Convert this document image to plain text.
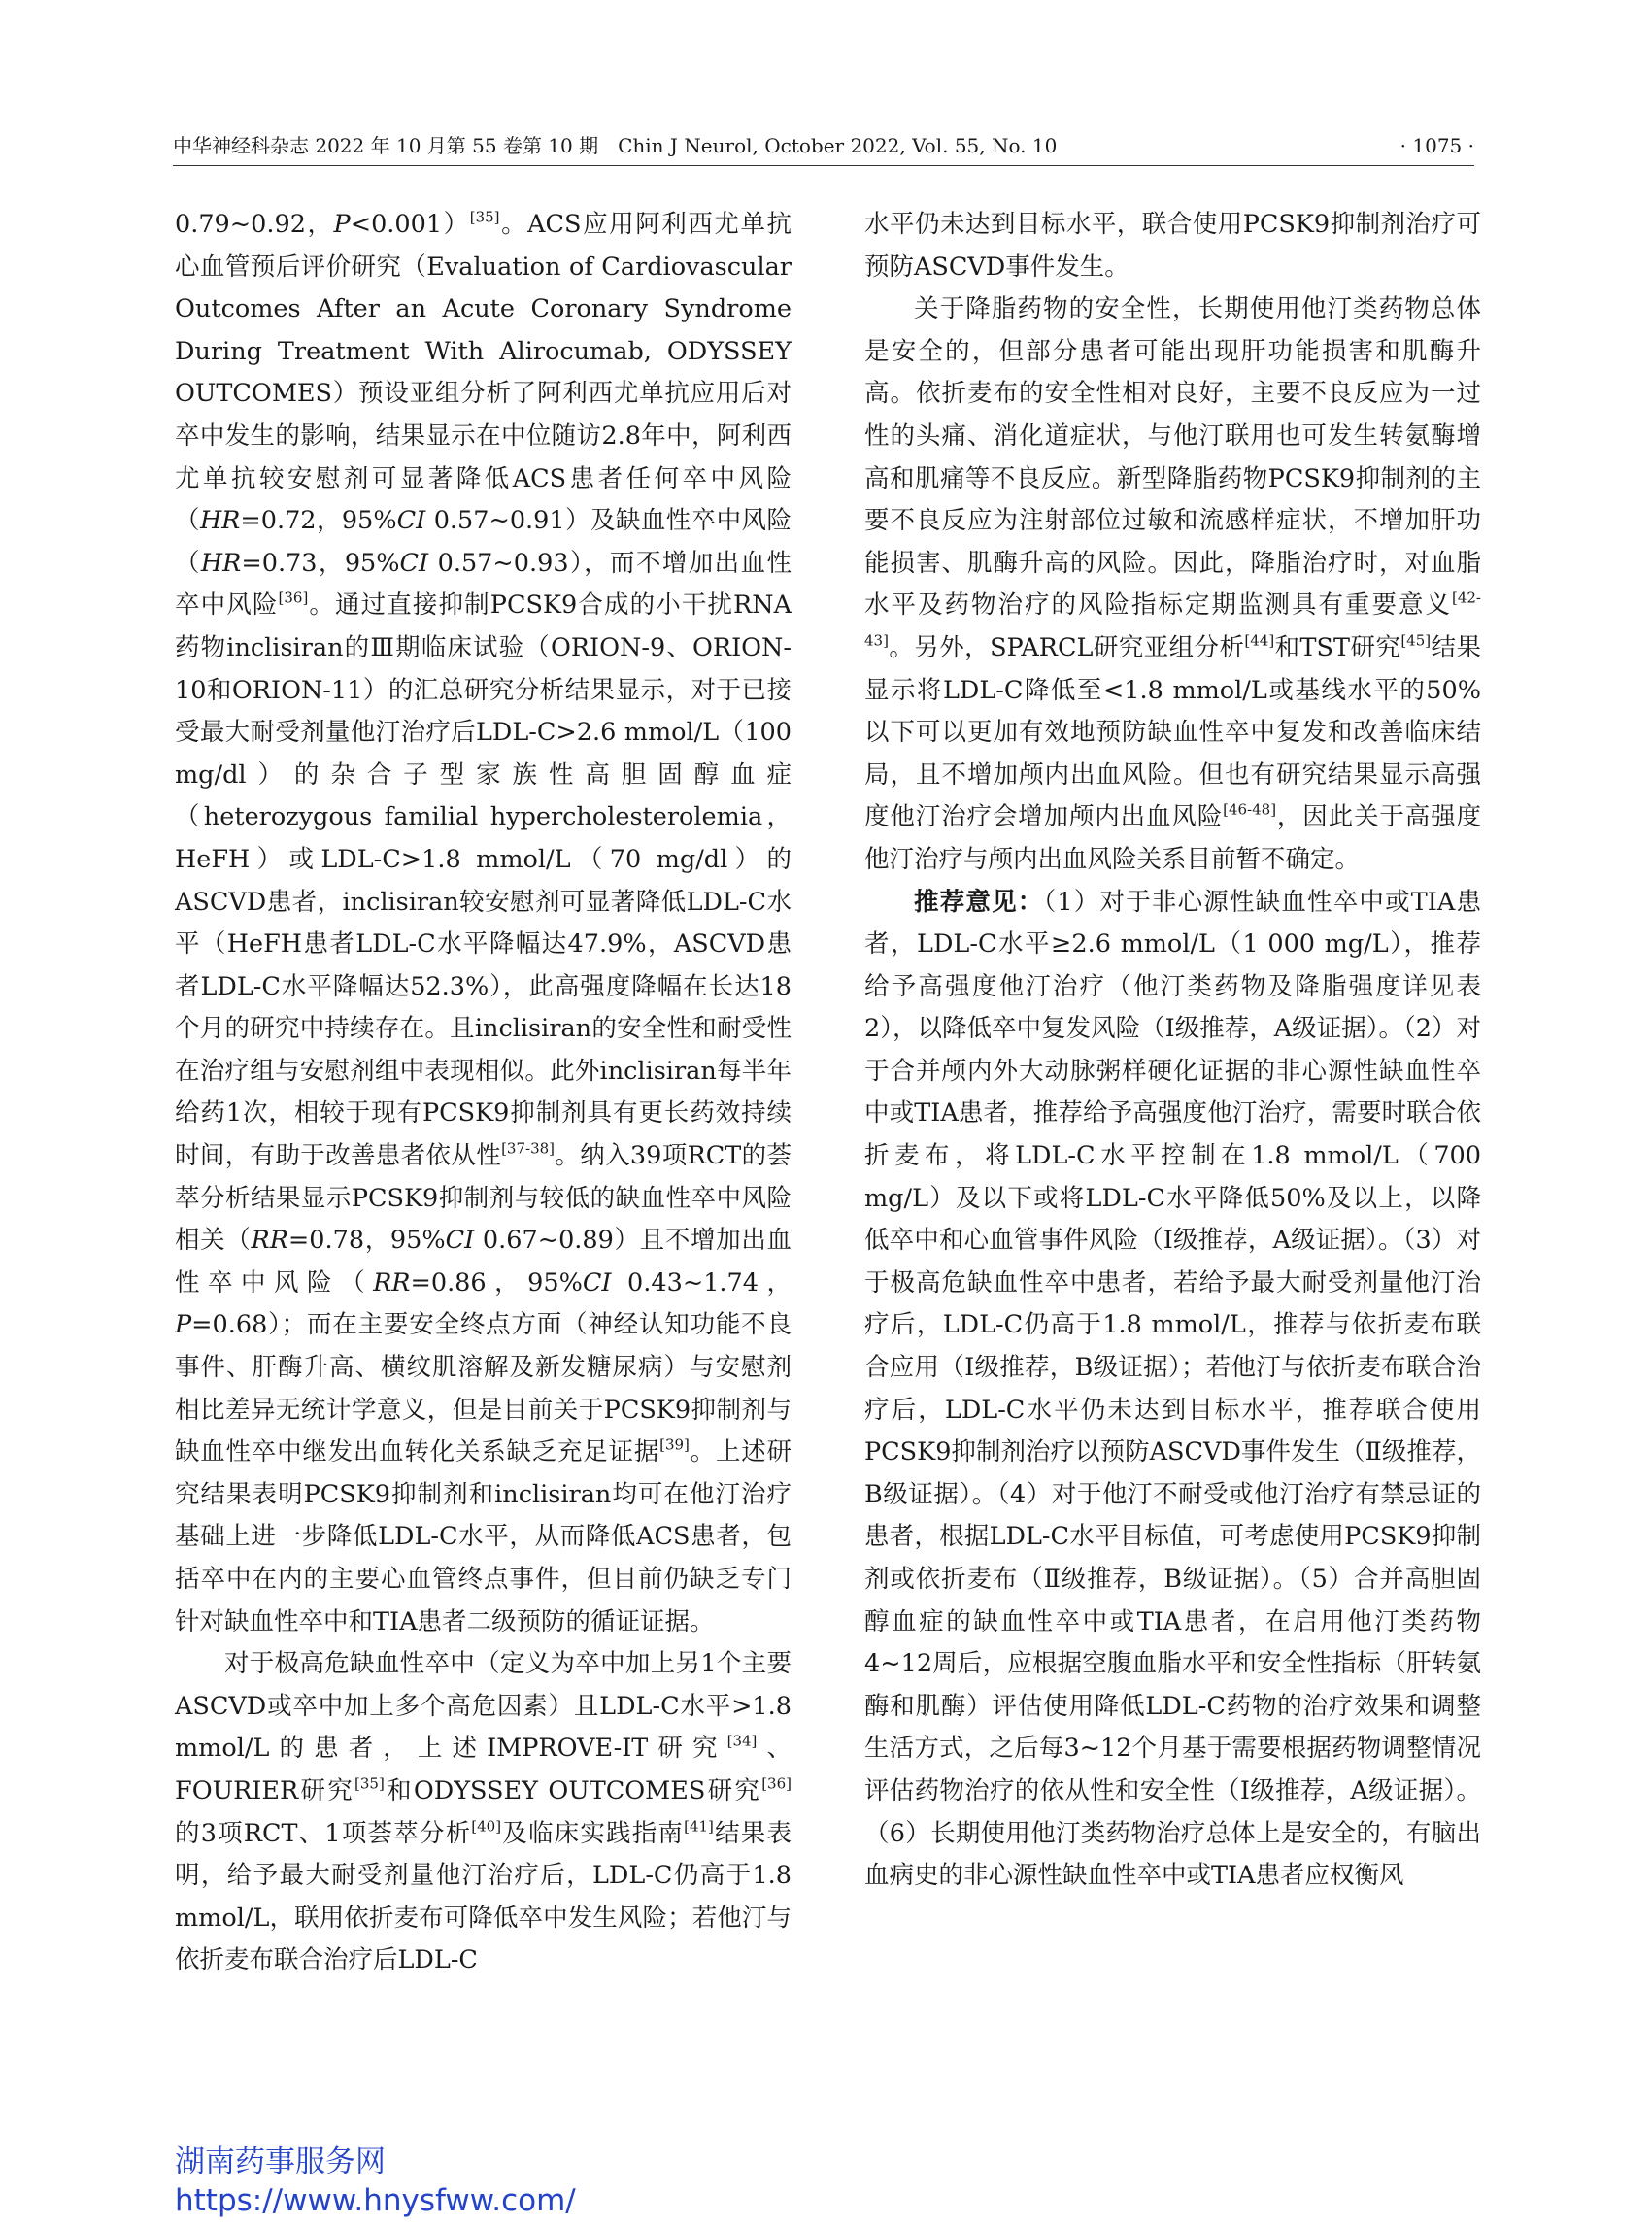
中华神经科杂志 2022 年 10 月第 55 卷第 10 期　Chin J Neurol, October 2022, Vol. 55, No. 10	· 1075 ·

0.79~0.92，P<0.001）[35]。ACS应用阿利西尤单抗心血管预后评价研究（Evaluation of Cardiovascular Outcomes After an Acute Coronary Syndrome During Treatment With Alirocumab, ODYSSEY OUTCOMES）预设亚组分析了阿利西尤单抗应用后对卒中发生的影响，结果显示在中位随访2.8年中，阿利西尤单抗较安慰剂可显著降低ACS患者任何卒中风险（HR=0.72，95%CI 0.57~0.91）及缺血性卒中风险（HR=0.73，95%CI 0.57~0.93），而不增加出血性卒中风险[36]。通过直接抑制PCSK9合成的小干扰RNA药物inclisiran的Ⅲ期临床试验（ORION-9、ORION-10和ORION-11）的汇总研究分析结果显示，对于已接受最大耐受剂量他汀治疗后LDL-C>2.6 mmol/L（100 mg/dl）的杂合子型家族性高胆固醇血症（heterozygous familial hypercholesterolemia，HeFH）或LDL-C>1.8 mmol/L（70 mg/dl）的ASCVD患者，inclisiran较安慰剂可显著降低LDL-C水平（HeFH患者LDL-C水平降幅达47.9%，ASCVD患者LDL-C水平降幅达52.3%），此高强度降幅在长达18个月的研究中持续存在。且inclisiran的安全性和耐受性在治疗组与安慰剂组中表现相似。此外inclisiran每半年给药1次，相较于现有PCSK9抑制剂具有更长药效持续时间，有助于改善患者依从性[37-38]。纳入39项RCT的荟萃分析结果显示PCSK9抑制剂与较低的缺血性卒中风险相关（RR=0.78，95%CI 0.67~0.89）且不增加出血性卒中风险（RR=0.86，95%CI 0.43~1.74，P=0.68）；而在主要安全终点方面（神经认知功能不良事件、肝酶升高、横纹肌溶解及新发糖尿病）与安慰剂相比差异无统计学意义，但是目前关于PCSK9抑制剂与缺血性卒中继发出血转化关系缺乏充足证据[39]。上述研究结果表明PCSK9抑制剂和inclisiran均可在他汀治疗基础上进一步降低LDL-C水平，从而降低ACS患者，包括卒中在内的主要心血管终点事件，但目前仍缺乏专门针对缺血性卒中和TIA患者二级预防的循证证据。

对于极高危缺血性卒中（定义为卒中加上另1个主要ASCVD或卒中加上多个高危因素）且LDL-C水平>1.8 mmol/L的患者，上述IMPROVE-IT研究[34]、FOURIER研究[35]和ODYSSEY OUTCOMES研究[36]的3项RCT、1项荟萃分析[40]及临床实践指南[41]结果表明，给予最大耐受剂量他汀治疗后，LDL-C仍高于1.8 mmol/L，联用依折麦布可降低卒中发生风险；若他汀与依折麦布联合治疗后LDL-C

水平仍未达到目标水平，联合使用PCSK9抑制剂治疗可预防ASCVD事件发生。

关于降脂药物的安全性，长期使用他汀类药物总体是安全的，但部分患者可能出现肝功能损害和肌酶升高。依折麦布的安全性相对良好，主要不良反应为一过性的头痛、消化道症状，与他汀联用也可发生转氨酶增高和肌痛等不良反应。新型降脂药物PCSK9抑制剂的主要不良反应为注射部位过敏和流感样症状，不增加肝功能损害、肌酶升高的风险。因此，降脂治疗时，对血脂水平及药物治疗的风险指标定期监测具有重要意义[42-43]。另外，SPARCL研究亚组分析[44]和TST研究[45]结果显示将LDL-C降低至<1.8 mmol/L或基线水平的50%以下可以更加有效地预防缺血性卒中复发和改善临床结局，且不增加颅内出血风险。但也有研究结果显示高强度他汀治疗会增加颅内出血风险[46-48]，因此关于高强度他汀治疗与颅内出血风险关系目前暂不确定。

推荐意见：（1）对于非心源性缺血性卒中或TIA患者，LDL-C水平≥2.6 mmol/L（1 000 mg/L），推荐给予高强度他汀治疗（他汀类药物及降脂强度详见表2），以降低卒中复发风险（Ⅰ级推荐，A级证据）。（2）对于合并颅内外大动脉粥样硬化证据的非心源性缺血性卒中或TIA患者，推荐给予高强度他汀治疗，需要时联合依折麦布，将LDL-C水平控制在1.8 mmol/L（700 mg/L）及以下或将LDL-C水平降低50%及以上，以降低卒中和心血管事件风险（Ⅰ级推荐，A级证据）。（3）对于极高危缺血性卒中患者，若给予最大耐受剂量他汀治疗后，LDL-C仍高于1.8 mmol/L，推荐与依折麦布联合应用（Ⅰ级推荐，B级证据）；若他汀与依折麦布联合治疗后，LDL-C水平仍未达到目标水平，推荐联合使用PCSK9抑制剂治疗以预防ASCVD事件发生（Ⅱ级推荐，B级证据）。（4）对于他汀不耐受或他汀治疗有禁忌证的患者，根据LDL-C水平目标值，可考虑使用PCSK9抑制剂或依折麦布（Ⅱ级推荐，B级证据）。（5）合并高胆固醇血症的缺血性卒中或TIA患者，在启用他汀类药物4~12周后，应根据空腹血脂水平和安全性指标（肝转氨酶和肌酶）评估使用降低LDL-C药物的治疗效果和调整生活方式，之后每3~12个月基于需要根据药物调整情况评估药物治疗的依从性和安全性（Ⅰ级推荐，A级证据）。（6）长期使用他汀类药物治疗总体上是安全的，有脑出血病史的非心源性缺血性卒中或TIA患者应权衡风

湖南药事服务网
https://www.hnysfww.com/
